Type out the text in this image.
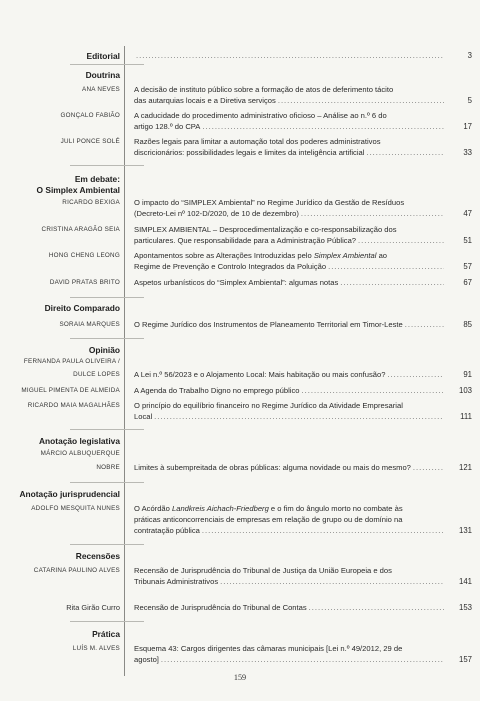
Editorial .....	3
Doutrina
ANA NEVES A decisão de instituto público sobre a formação de atos de deferimento tácito
das autarquias locais e a Diretiva serviços .....	5
GONÇALO FABIÃO A caducidade do procedimento administrativo oficioso – Análise ao n.º 6 do
artigo 128.º do CPA .....	17
JULI PONCE SOLÉ Razões legais para limitar a automação total dos poderes administrativos
discricionários: possibilidades legais e limites da inteligência artificial .....	33
Em debate:
O Simplex Ambiental
RICARDO BEXIGA O impacto do “SIMPLEX Ambiental” no Regime Jurídico da Gestão de Resíduos
(Decreto-Lei nº 102-D/2020, de 10 de dezembro) .....	47
CRISTINA ARAGÃO SEIA SIMPLEX AMBIENTAL – Desprocedimentalização e co-responsabilização dos
particulares. Que responsabilidade para a Administração Pública? .....	51
HONG CHENG LEONG Apontamentos sobre as Alterações Introduzidas pelo Simplex Ambiental ao
Regime de Prevenção e Controlo Integrados da Poluição .....	57
DAVID PRATAS BRITO Aspetos urbanísticos do “Simplex Ambiental”: algumas notas .....	67
Direito Comparado
SORAIA MARQUES O Regime Jurídico dos Instrumentos de Planeamento Territorial em Timor-Leste .....	85
Opinião
FERNANDA PAULA OLIVEIRA /
DULCE LOPES A Lei n.º 56/2023 e o Alojamento Local: Mais habitação ou mais confusão? .....	91
MIGUEL PIMENTA DE ALMEIDA A Agenda do Trabalho Digno no emprego público .....	103
RICARDO MAIA MAGALHÃES O princípio do equilíbrio financeiro no Regime Jurídico da Atividade Empresarial
Local .....	111
Anotação legislativa
MÁRCIO ALBUQUERQUE
NOBRE Limites à subempreitada de obras públicas: alguma novidade ou mais do mesmo? .....	121
Anotação jurisprudencial
ADOLFO MESQUITA NUNES O Acórdão Landkreis Aichach-Friedberg e o fim do ângulo morto no combate às
práticas anticoncorrenciais de empresas em relação de grupo ou de domínio na
contratação pública .....	131
Recensões
CATARINA PAULINO ALVES Recensão de Jurisprudência do Tribunal de Justiça da União Europeia e dos
Tribunais Administrativos .....	141
Rita Girão Curro Recensão de Jurisprudência do Tribunal de Contas .....	153
Prática
LUÍS M. ALVES Esquema 43: Cargos dirigentes das câmaras municipais [Lei n.º 49/2012, 29 de
agosto] .....	157
159
